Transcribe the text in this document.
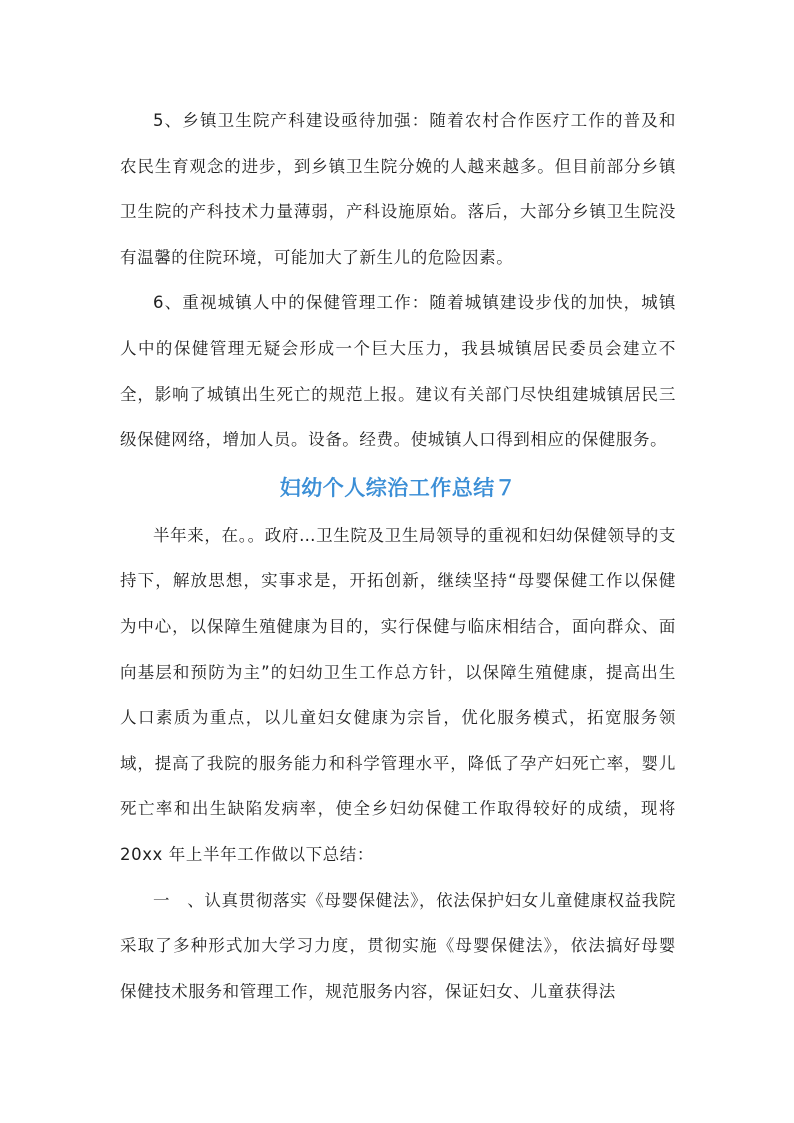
5、乡镇卫生院产科建设亟待加强：随着农村合作医疗工作的普及和农民生育观念的进步，到乡镇卫生院分娩的人越来越多。但目前部分乡镇卫生院的产科技术力量薄弱，产科设施原始。落后，大部分乡镇卫生院没有温馨的住院环境，可能加大了新生儿的危险因素。

6、重视城镇人中的保健管理工作：随着城镇建设步伐的加快，城镇人中的保健管理无疑会形成一个巨大压力，我县城镇居民委员会建立不全，影响了城镇出生死亡的规范上报。建议有关部门尽快组建城镇居民三级保健网络，增加人员。设备。经费。使城镇人口得到相应的保健服务。

妇幼个人综治工作总结７

半年来，在。。政府…卫生院及卫生局领导的重视和妇幼保健领导的支持下，解放思想，实事求是，开拓创新，继续坚持“母婴保健工作以保健为中心，以保障生殖健康为目的，实行保健与临床相结合，面向群众、面向基层和预防为主”的妇幼卫生工作总方针，以保障生殖健康，提高出生人口素质为重点，以儿童妇女健康为宗旨，优化服务模式，拓宽服务领域，提高了我院的服务能力和科学管理水平，降低了孕产妇死亡率，婴儿死亡率和出生缺陷发病率，使全乡妇幼保健工作取得较好的成绩，现将 20xx 年上半年工作做以下总结：

一　、认真贯彻落实《母婴保健法》，依法保护妇女儿童健康权益我院采取了多种形式加大学习力度，贯彻实施《母婴保健法》，依法搞好母婴保健技术服务和管理工作，规范服务内容，保证妇女、儿童获得法
